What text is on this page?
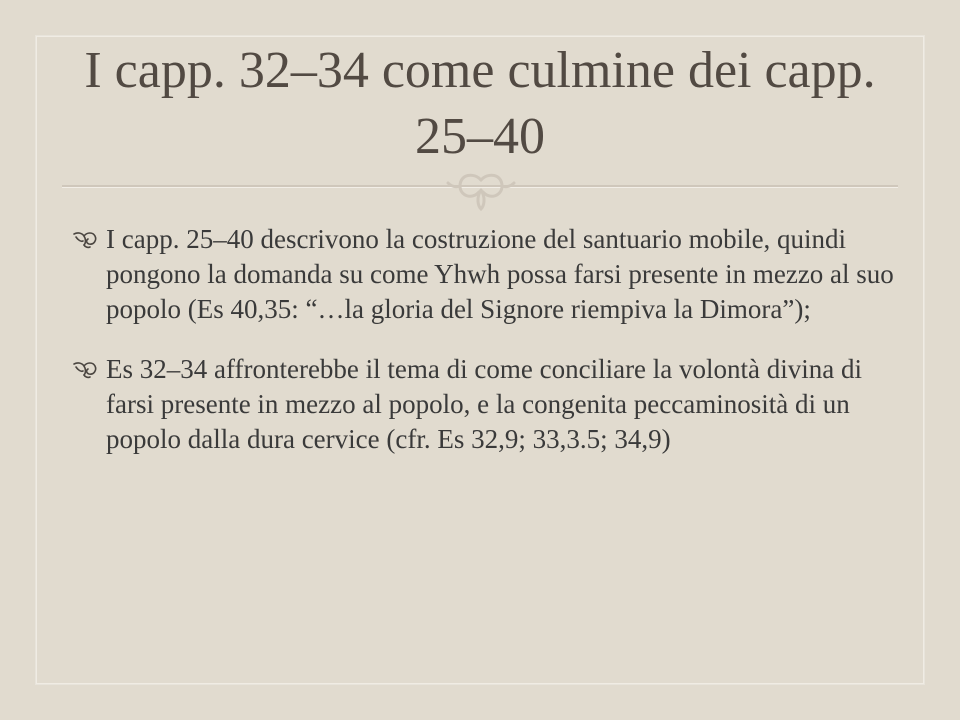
I capp. 32–34 come culmine dei capp. 25–40
I capp. 25–40 descrivono la costruzione del santuario mobile, quindi pongono la domanda su come Yhwh possa farsi presente in mezzo al suo popolo (Es 40,35: “…la gloria del Signore riempiva la Dimora”);
Es 32–34 affronterebbe il tema di come conciliare la volontà divina di farsi presente in mezzo al popolo, e la congenita peccaminosità di un popolo dalla dura cervice (cfr. Es 32,9; 33,3.5; 34,9)
